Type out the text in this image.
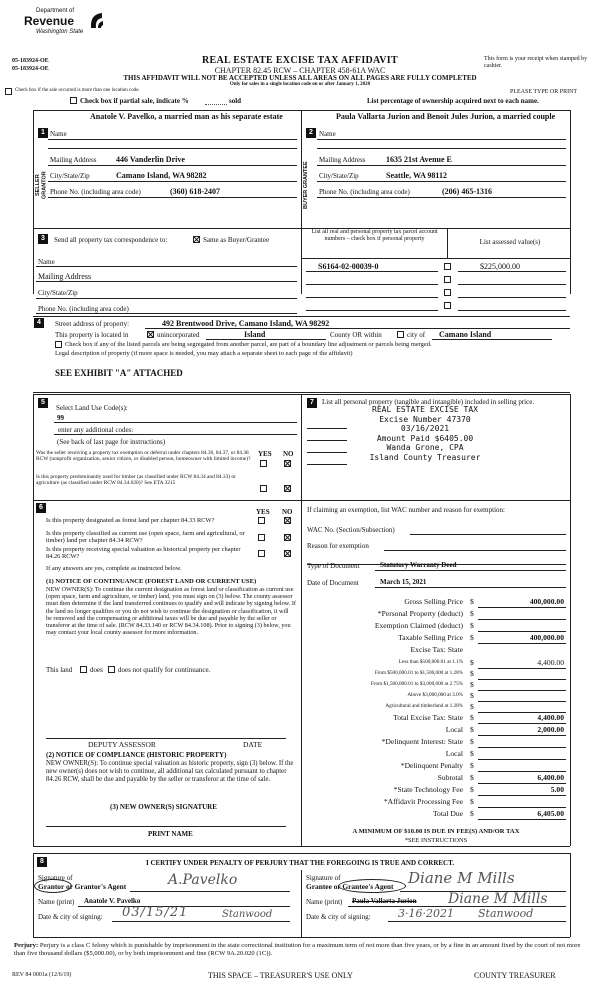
Department of
Revenue
Washington State
05-183924-OE
05-183924-OE
REAL ESTATE EXCISE TAX AFFIDAVIT
CHAPTER 82.45 RCW – CHAPTER 458-61A WAC
This form is your receipt when stamped by cashier.
THIS AFFIDAVIT WILL NOT BE ACCEPTED UNLESS ALL AREAS ON ALL PAGES ARE FULLY COMPLETED
Only for sales in a single location code on or after January 1, 2020
Check box if the sale occurred is more than one location code.	PLEASE TYPE OR PRINT
Check box if partial sale, indicate %	sold	List percentage of ownership acquired next to each name.
1
SELLER GRANTOR
Anatole V. Pavelko, a married man as his separate estate
Name
Mailing Address 446 Vanderlin Drive
City/State/Zip	Camano Island, WA 98282
Phone No. (including area code)	(360) 618-2407
2
BUYER GRANTEE
Paula Vallarta Jurion and Benoit Jules Jurion, a married couple
Name
Mailing Address	1635 21st Avenue E
City/State/Zip	Seattle, WA 98112
Phone No. (including area code)	(206) 465-1316
3	Send all property tax correspondence to:	Same as Buyer/Grantee
Name
Mailing Address
City/State/Zip
Phone No. (including area code)
List all real and personal property tax parcel account numbers – check box if personal property	List assessed value(s)
S6164-02-00039-0	$225,000.00
4	Street address of property:	492 Brentwood Drive, Camano Island, WA 98292
This property is located in	unincorporated	Island	County OR within	city of Camano Island
Check box if any of the listed parcels are being segregated from another parcel, are part of a boundary line adjustment or parcels being merged.
Legal description of property (if more space is needed, you may attach a separate sheet to each page of the affidavit)
SEE EXHIBIT "A" ATTACHED
5
Select Land Use Code(s):
99
enter any additional codes:
(See back of last page for instructions)
YES NO
Was the seller receiving a property tax exemption or deferral under chapters 84.36, 84.37, or 84.38 RCW (nonprofit organization, senior citizen, or disabled person, homeowner with limited income)?
Is this property predominantly used for timber (as classified under RCW 84.34 and 84.33) or agriculture (as classified under RCW 84.34.020)? See ETA 3215
6
YES NO
Is this property designated as forest land per chapter 84.33 RCW?
Is this property classified as current use (open space, farm and agricultural, or timber) land per chapter 84.34 RCW?
Is this property receiving special valuation as historical property per chapter 84.26 RCW?
If any answers are yes, complete as instructed below.
(1) NOTICE OF CONTINUANCE (FOREST LAND OR CURRENT USE)
NEW OWNER(S): To continue the current designation as forest land or classification as current use (open space, farm and agriculture, or timber) land, you must sign on (3) below. The county assessor must then determine if the land transferred continues to qualify and will indicate by signing below. If the land no longer qualifies or you do not wish to continue the designation or classification, it will be removed and the compensating or additional taxes will be due and payable by the seller or transferor at the time of sale. (RCW 84.33.140 or RCW 84.34.108). Prior to signing (3) below, you may contact your local county assessor for more information.
This land	does does not qualify for continuance.
DEPUTY ASSESSOR	DATE
(2) NOTICE OF COMPLIANCE (HISTORIC PROPERTY)
NEW OWNER(S): To continue special valuation as historic property, sign (3) below. If the new owner(s) does not wish to continue, all additional tax calculated pursuant to chapter 84.26 RCW, shall be due and payable by the seller or transferor at the time of sale.
(3) NEW OWNER(S) SIGNATURE
PRINT NAME
7	List all personal property (tangible and intangible) included in selling price.
REAL ESTATE EXCISE TAX
Excise Number 47370
03/16/2021
Amount Paid $6405.00
Wanda Grone, CPA
Island County Treasurer
If claiming an exemption, list WAC number and reason for exemption:
WAC No. (Section/Subsection)
Reason for exemption
Type of Document	Statutory Warranty Deed
Date of Document	March 15, 2021
Gross Selling Price $	400,000.00
*Personal Property (deduct) $
Exemption Claimed (deduct) $
Taxable Selling Price $	400,000.00
Excise Tax: State
Less than $500,000.01 at 1.1% $	4,400.00
From $500,000.01 to $1,500,000 at 1.28% $
From $1,500,000.01 to $3,000,000 at 2.75% $
Above $3,000,000 at 3.0% $
Agricultural and timberland at 1.28% $
Total Excise Tax: State $	4,400.00
Local $	2,000.00
*Delinquent Interest: State $
Local $
*Delinquent Penalty $
Subtotal $	6,400.00
*State Technology Fee $	5.00
*Affidavit Processing Fee $
Total Due $	6,405.00
A MINIMUM OF $10.00 IS DUE IN FEE(S) AND/OR TAX
*SEE INSTRUCTIONS
8	I CERTIFY UNDER PENALTY OF PERJURY THAT THE FOREGOING IS TRUE AND CORRECT.
Signature of
Grantor or Grantor's Agent	A.Pavelko
Name (print) Anatole V. Pavelko
Date & city of signing: 03/15/21	Stanwood
Signature of
Grantee or Grantee's Agent Diane M Mills
Name (print) Paula Vallarta Jurion Diane M Mills
Date & city of signing: 3·16·2021 Stanwood
Perjury: Perjury is a class C felony which is punishable by imprisonment in the state correctional institution for a maximum term of not more than five years, or by a fine in an amount fixed by the court of not more than five thousand dollars ($5,000.00), or by both imprisonment and fine (RCW 9A.20.020 (1C)).
REV 84 0001a (12/6/19)	THIS SPACE – TREASURER'S USE ONLY	COUNTY TREASURER
